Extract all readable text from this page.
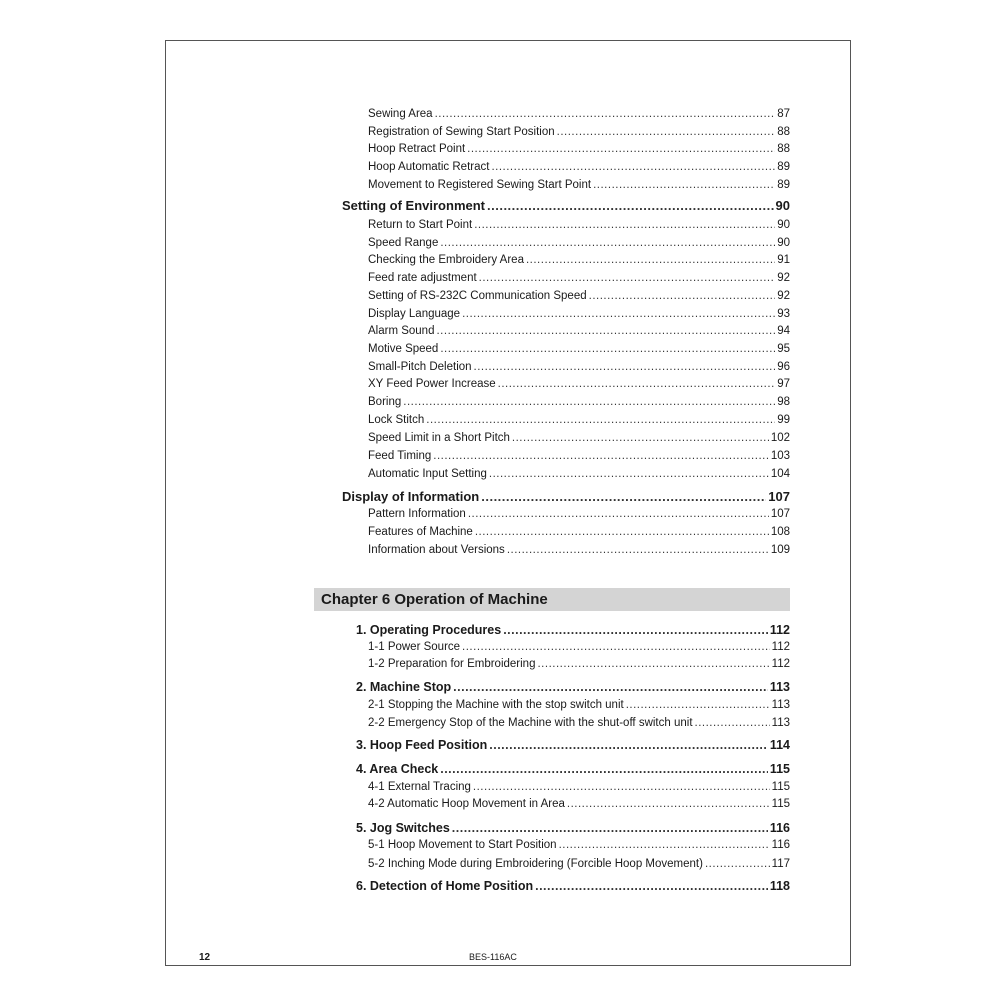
Sewing Area .....	87
Registration of Sewing Start Position .....	88
Hoop Retract Point .....	88
Hoop Automatic Retract .....	89
Movement to Registered Sewing Start Point .....	89
Setting of Environment .....	90
Return to Start Point .....	90
Speed Range .....	90
Checking the Embroidery Area .....	91
Feed rate adjustment .....	92
Setting of RS-232C Communication Speed .....	92
Display Language .....	93
Alarm Sound .....	94
Motive Speed .....	95
Small-Pitch Deletion .....	96
XY Feed Power Increase .....	97
Boring .....	98
Lock Stitch .....	99
Speed Limit in a Short Pitch .....	102
Feed Timing .....	103
Automatic Input Setting .....	104
Display of Information .....	107
Pattern Information .....	107
Features of Machine .....	108
Information about Versions .....	109
Chapter 6 Operation of Machine
1. Operating Procedures .....	112
1-1 Power Source .....	112
1-2 Preparation for Embroidering .....	112
2. Machine Stop .....	113
2-1 Stopping the Machine with the stop switch unit .....	113
2-2 Emergency Stop of the Machine with the shut-off switch unit .....	113
3. Hoop Feed Position .....	114
4. Area Check .....	115
4-1 External Tracing .....	115
4-2 Automatic Hoop Movement in Area .....	115
5. Jog Switches .....	116
5-1 Hoop Movement to Start Position .....	116
5-2 Inching Mode during Embroidering (Forcible Hoop Movement) .....	117
6. Detection of Home Position .....	118
12	BES-116AC
